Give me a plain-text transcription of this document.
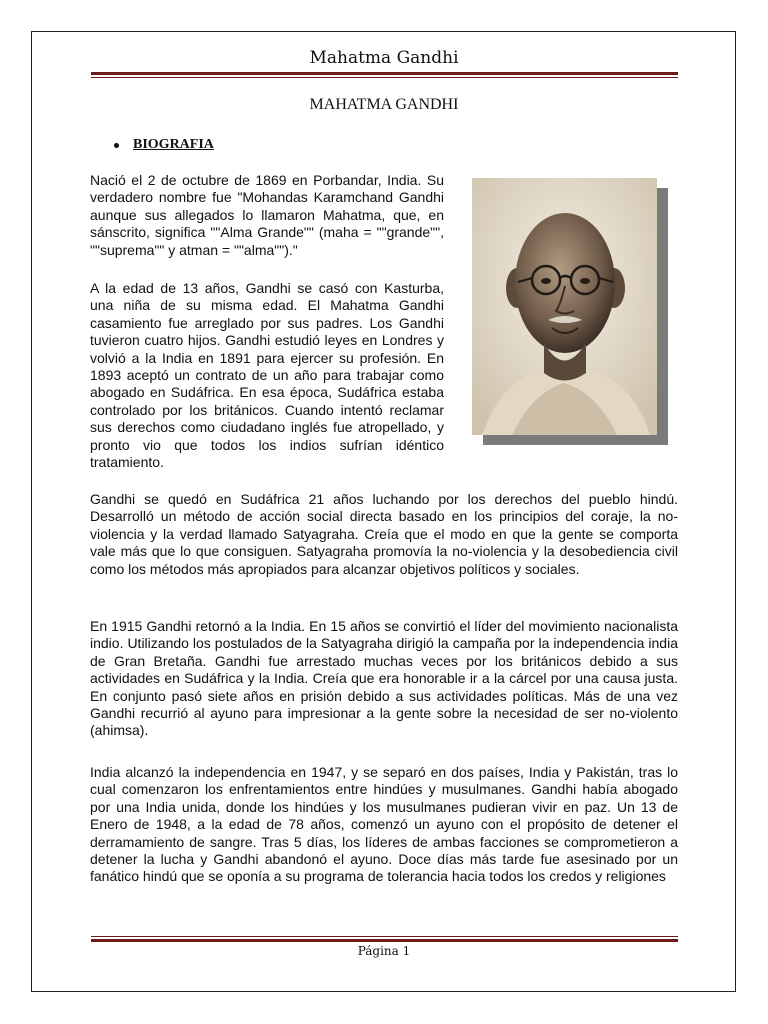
Mahatma Gandhi
MAHATMA GANDHI
BIOGRAFIA

Nació el 2 de octubre de 1869 en Porbandar, India. Su verdadero nombre fue "Mohandas Karamchand Gandhi aunque sus allegados lo llamaron Mahatma, que, en sánscrito, significa ""Alma Grande"" (maha = ""grande"", ""suprema"" y atman = ""alma"")."

A la edad de 13 años, Gandhi se casó con Kasturba, una niña de su misma edad. El Mahatma Gandhi casamiento fue arreglado por sus padres. Los Gandhi tuvieron cuatro hijos. Gandhi estudió leyes en Londres y volvió a la India en 1891 para ejercer su profesión. En 1893 aceptó un contrato de un año para trabajar como abogado en Sudáfrica. En esa época, Sudáfrica estaba controlado por los británicos. Cuando intentó reclamar sus derechos como ciudadano inglés fue atropellado, y pronto vio que todos los indios sufrían idéntico tratamiento.

Gandhi se quedó en Sudáfrica 21 años luchando por los derechos del pueblo hindú. Desarrolló un método de acción social directa basado en los principios del coraje, la no-violencia y la verdad llamado Satyagraha. Creía que el modo en que la gente se comporta vale más que lo que consiguen. Satyagraha promovía la no-violencia y la desobediencia civil como los métodos más apropiados para alcanzar objetivos políticos y sociales.

En 1915 Gandhi retornó a la India. En 15 años se convirtió el líder del movimiento nacionalista indio. Utilizando los postulados de la Satyagraha dirigió la campaña por la independencia india de Gran Bretaña. Gandhi fue arrestado muchas veces por los británicos debido a sus actividades en Sudáfrica y la India. Creía que era honorable ir a la cárcel por una causa justa. En conjunto pasó siete años en prisión debido a sus actividades políticas. Más de una vez Gandhi recurrió al ayuno para impresionar a la gente sobre la necesidad de ser no-violento (ahimsa).

India alcanzó la independencia en 1947, y se separó en dos países, India y Pakistán, tras lo cual comenzaron los enfrentamientos entre hindúes y musulmanes. Gandhi había abogado por una India unida, donde los hindúes y los musulmanes pudieran vivir en paz. Un 13 de Enero de 1948, a la edad de 78 años, comenzó un ayuno con el propósito de detener el derramamiento de sangre. Tras 5 días, los líderes de ambas facciones se comprometieron a detener la lucha y Gandhi abandonó el ayuno. Doce días más tarde fue asesinado por un fanático hindú que se oponía a su programa de tolerancia hacia todos los credos y religiones

Página 1
